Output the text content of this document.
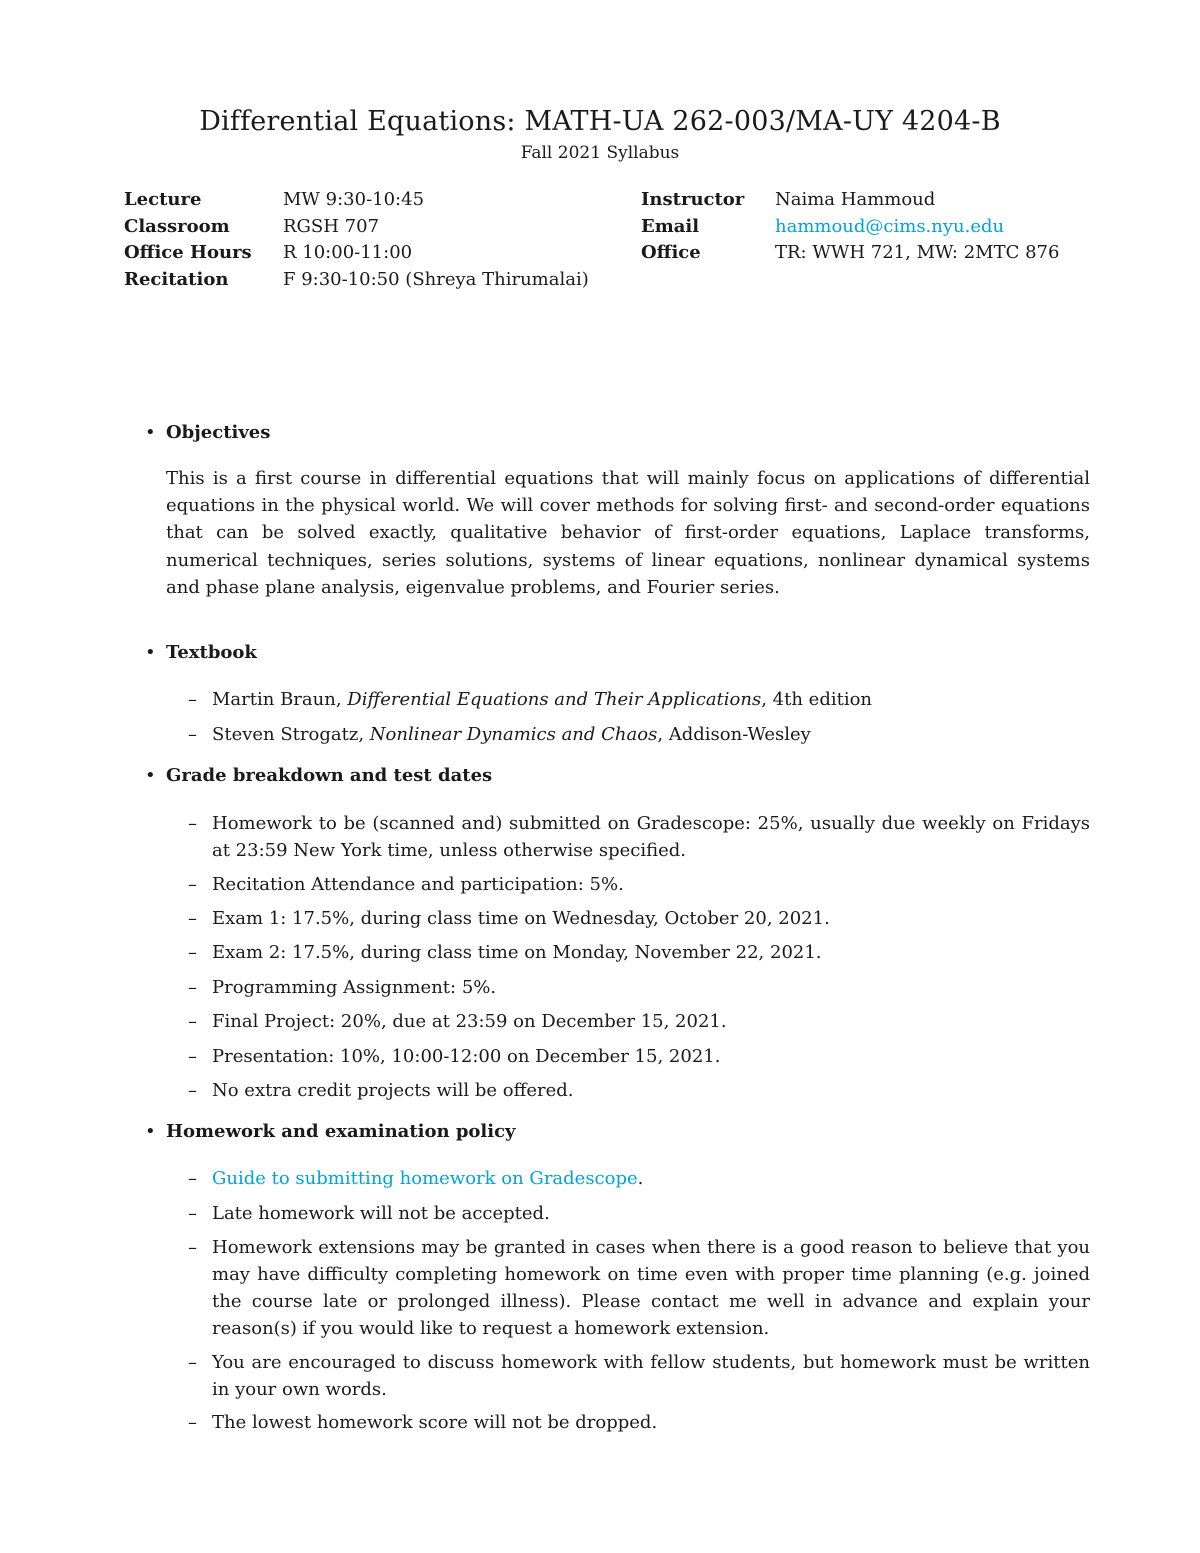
Differential Equations: MATH-UA 262-003/MA-UY 4204-B
Fall 2021 Syllabus
Lecture	MW 9:30-10:45
Classroom	RGSH 707
Office Hours	R 10:00-11:00
Recitation	F 9:30-10:50 (Shreya Thirumalai)
Instructor	Naima Hammoud
Email	hammoud@cims.nyu.edu
Office	TR: WWH 721, MW: 2MTC 876
• Objectives
This is a first course in differential equations that will mainly focus on applications of differential equations in the physical world. We will cover methods for solving first- and second-order equations that can be solved exactly, qualitative behavior of first-order equations, Laplace transforms, numerical techniques, series solutions, systems of linear equations, nonlinear dynamical systems and phase plane analysis, eigenvalue problems, and Fourier series.
• Textbook
– Martin Braun, Differential Equations and Their Applications, 4th edition
– Steven Strogatz, Nonlinear Dynamics and Chaos, Addison-Wesley
• Grade breakdown and test dates
– Homework to be (scanned and) submitted on Gradescope: 25%, usually due weekly on Fridays at 23:59 New York time, unless otherwise specified.
– Recitation Attendance and participation: 5%.
– Exam 1: 17.5%, during class time on Wednesday, October 20, 2021.
– Exam 2: 17.5%, during class time on Monday, November 22, 2021.
– Programming Assignment: 5%.
– Final Project: 20%, due at 23:59 on December 15, 2021.
– Presentation: 10%, 10:00-12:00 on December 15, 2021.
– No extra credit projects will be offered.
• Homework and examination policy
– Guide to submitting homework on Gradescope.
– Late homework will not be accepted.
– Homework extensions may be granted in cases when there is a good reason to believe that you may have difficulty completing homework on time even with proper time planning (e.g. joined the course late or prolonged illness). Please contact me well in advance and explain your reason(s) if you would like to request a homework extension.
– You are encouraged to discuss homework with fellow students, but homework must be written in your own words.
– The lowest homework score will not be dropped.
